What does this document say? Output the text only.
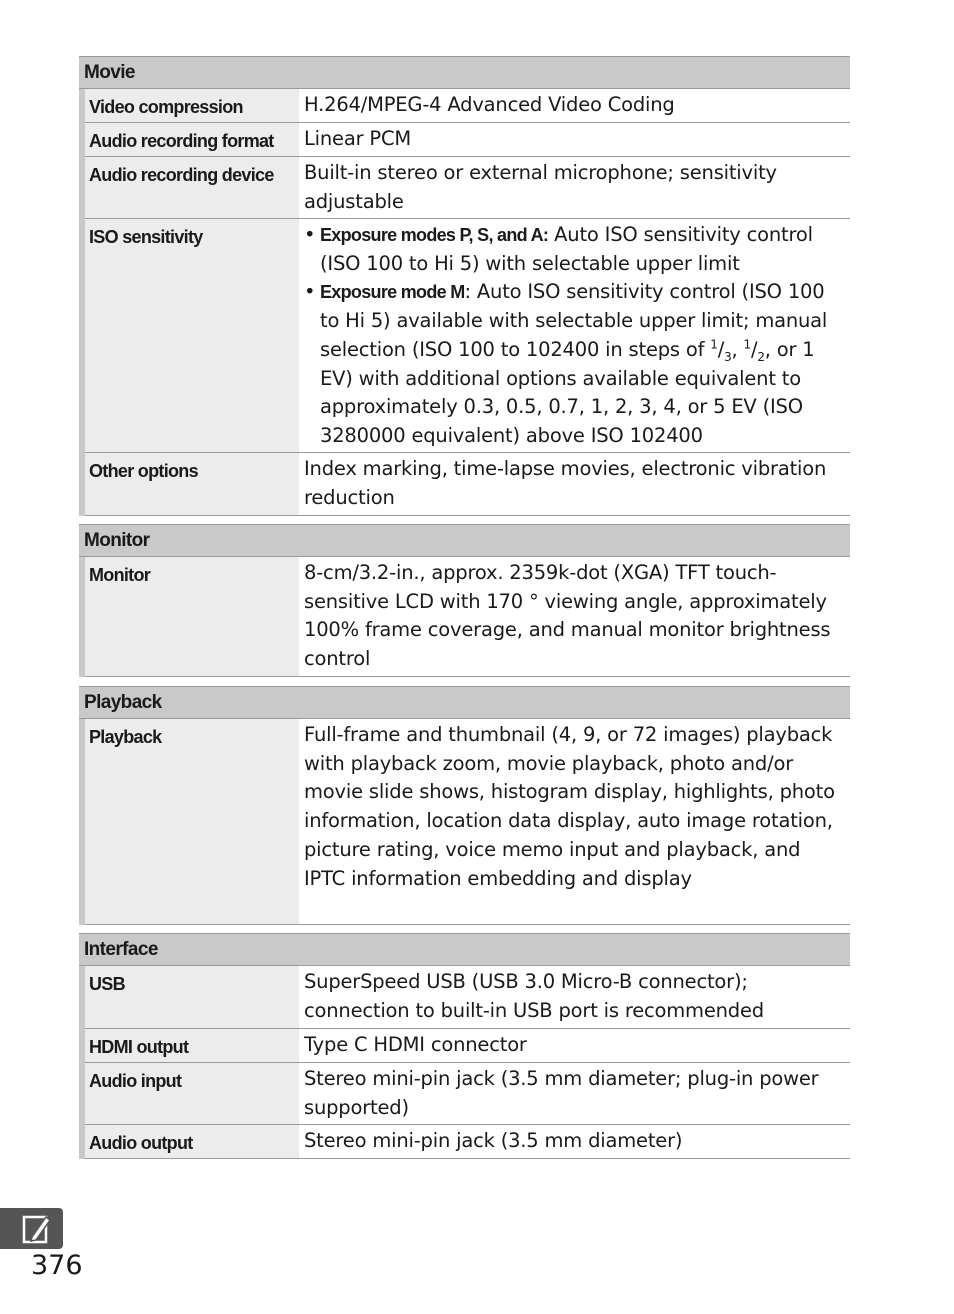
Movie
Video compression	H.264/MPEG-4 Advanced Video Coding
Audio recording format	Linear PCM
Audio recording device	Built-in stereo or external microphone; sensitivity adjustable
ISO sensitivity
•	Exposure modes P, S, and A: Auto ISO sensitivity control (ISO 100 to Hi 5) with selectable upper limit
• Exposure mode M: Auto ISO sensitivity control (ISO 100 to Hi 5) available with selectable upper limit; manual selection (ISO 100 to 102400 in steps of $^1/_3$, $^1/_2$, or 1 EV) with additional options available equivalent to approximately 0.3, 0.5, 0.7, 1, 2, 3, 4, or 5 EV (ISO 3280000 equivalent) above ISO 102400
Other options	Index marking, time-lapse movies, electronic vibration reduction
Monitor
Monitor	8-cm/3.2-in., approx. 2359k-dot (XGA) TFT touch-sensitive LCD with 170 ° viewing angle, approximately 100% frame coverage, and manual monitor brightness control
Playback
Playback	Full-frame and thumbnail (4, 9, or 72 images) playback with playback zoom, movie playback, photo and/or movie slide shows, histogram display, highlights, photo information, location data display, auto image rotation, picture rating, voice memo input and playback, and IPTC information embedding and display
Interface
USB	SuperSpeed USB (USB 3.0 Micro-B connector); connection to built-in USB port is recommended
HDMI output	Type C HDMI connector
Audio input	Stereo mini-pin jack (3.5 mm diameter; plug-in power supported)
Audio output	Stereo mini-pin jack (3.5 mm diameter)
376
